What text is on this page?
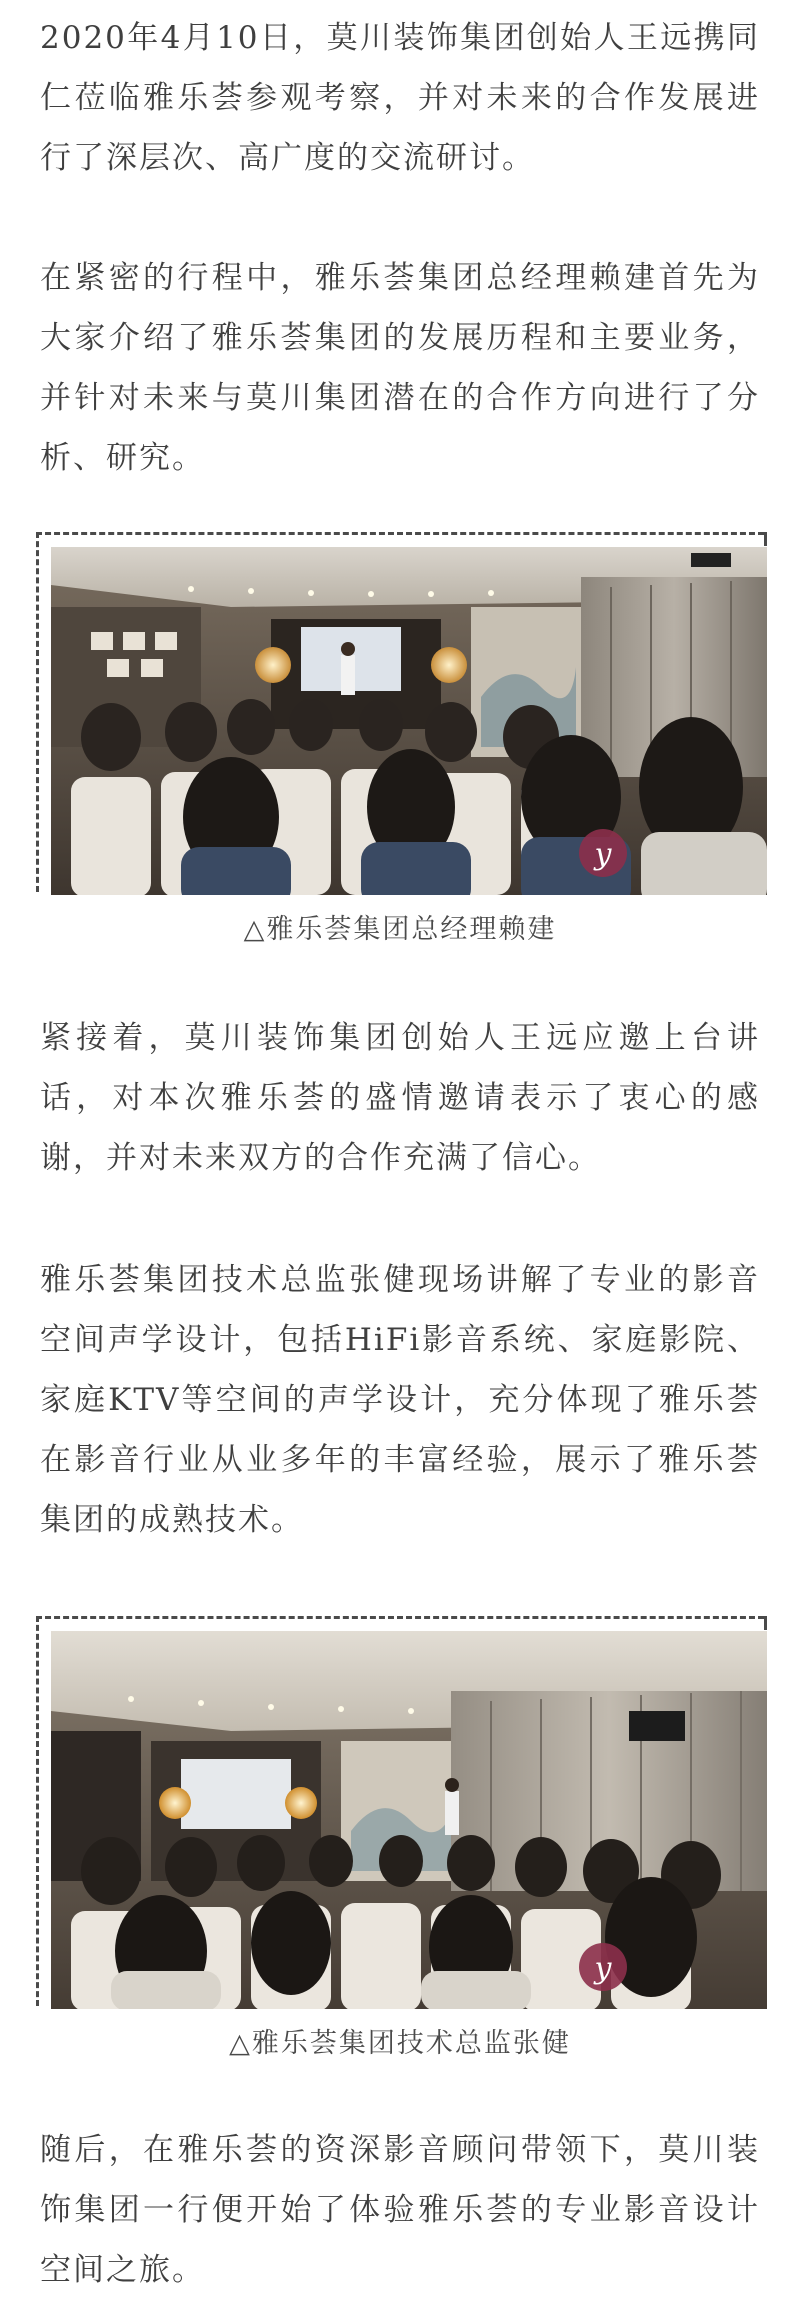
2020年4月10日，莫川装饰集团创始人王远携同仁莅临雅乐荟参观考察，并对未来的合作发展进行了深层次、高广度的交流研讨。

在紧密的行程中，雅乐荟集团总经理赖建首先为大家介绍了雅乐荟集团的发展历程和主要业务，并针对未来与莫川集团潜在的合作方向进行了分析、研究。

y

△雅乐荟集团总经理赖建

紧接着，莫川装饰集团创始人王远应邀上台讲话，对本次雅乐荟的盛情邀请表示了衷心的感谢，并对未来双方的合作充满了信心。

雅乐荟集团技术总监张健现场讲解了专业的影音空间声学设计，包括HiFi影音系统、家庭影院、家庭KTV等空间的声学设计，充分体现了雅乐荟在影音行业从业多年的丰富经验，展示了雅乐荟集团的成熟技术。

y

△雅乐荟集团技术总监张健

随后，在雅乐荟的资深影音顾问带领下，莫川装饰集团一行便开始了体验雅乐荟的专业影音设计空间之旅。
